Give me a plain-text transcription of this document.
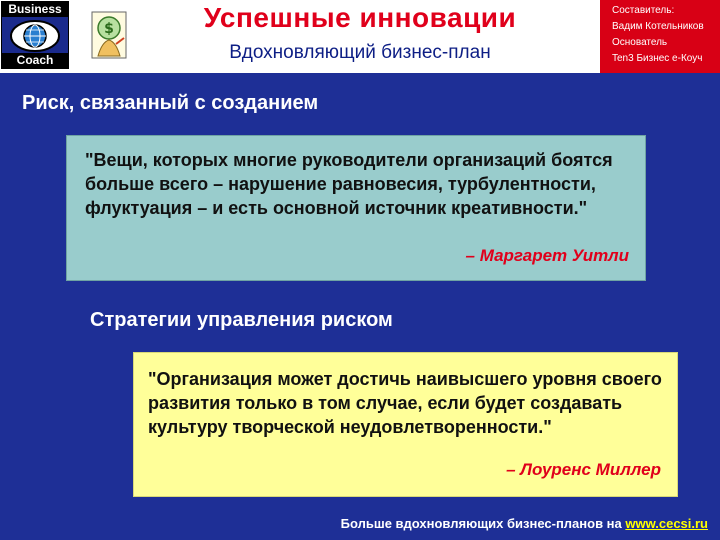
Business
Coach
$	Успешные инновации
Вдохновляющий бизнес-план
Составитель:
Вадим Котельников
Основатель
Ten3 Бизнес е-Коуч
Риск, связанный с созданием
"Вещи, которых многие руководители организаций боятся больше всего – нарушение равновесия, турбулентности, флуктуация – и есть основной источник креативности."
– Маргарет Уитли
Стратегии управления риском
"Организация может достичь наивысшего уровня своего развития только в том случае, если будет создавать культуру творческой неудовлетворенности."
– Лоуренс Миллер
Больше вдохновляющих бизнес-планов на www.cecsi.ru
